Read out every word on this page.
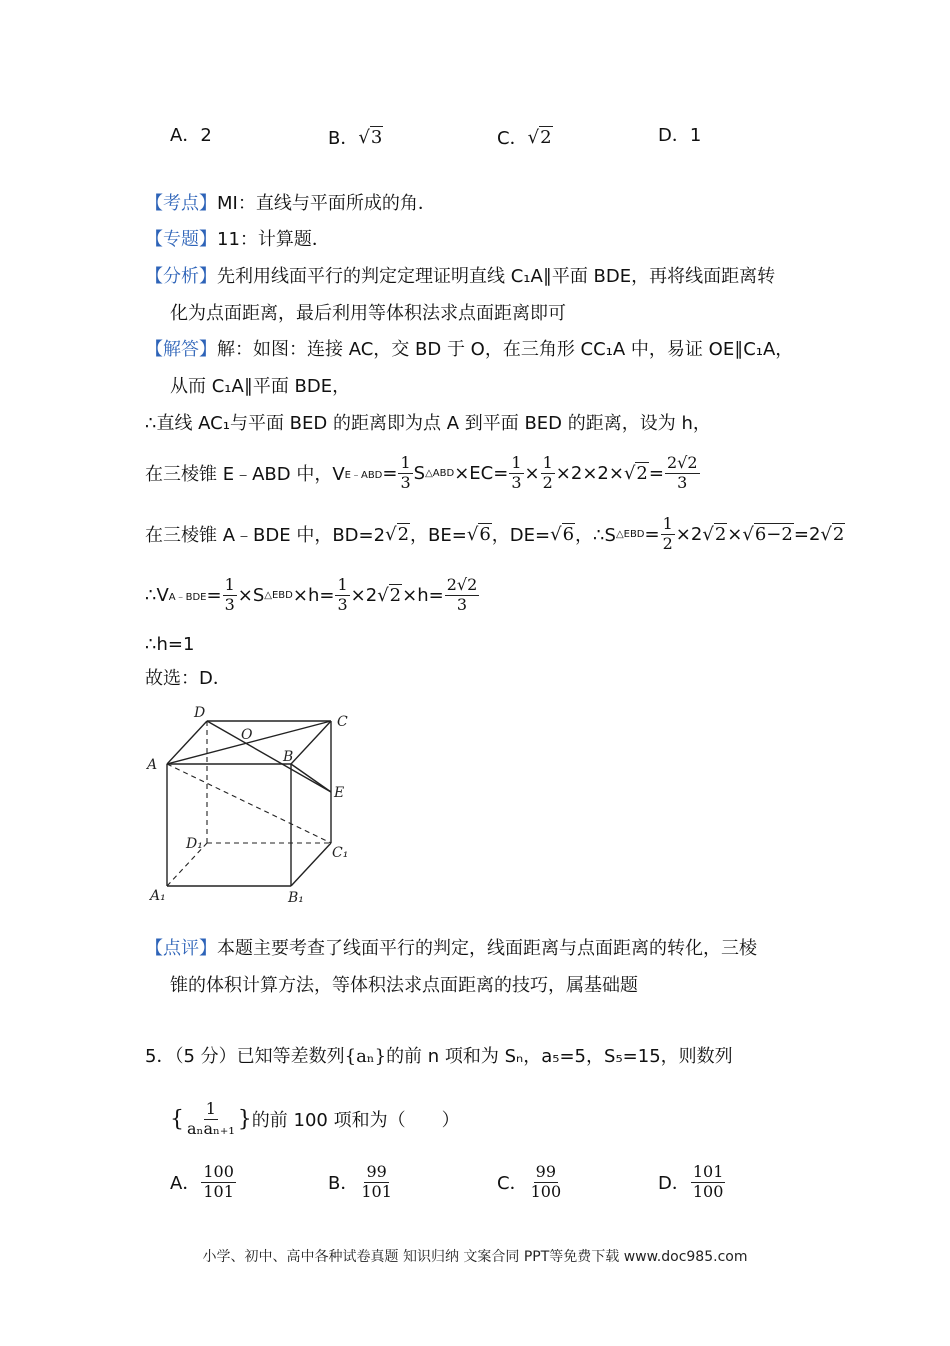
A．2	B． √3	C． √2	D．1
【考点】MI：直线与平面所成的角．
【专题】11：计算题．
【分析】先利用线面平行的判定定理证明直线 C₁A∥平面 BDE，再将线面距离转
化为点面距离，最后利用等体积法求点面距离即可
【解答】解：如图：连接 AC，交 BD 于 O，在三角形 CC₁A 中，易证 OE∥C₁A，
从而 C₁A∥平面 BDE，
∴直线 AC₁与平面 BED 的距离即为点 A 到平面 BED 的距离，设为 h，
在三棱锥 E﹣ABD 中，V E﹣ABD = $\frac{1}{3}$ S △ABD $\times EC= \frac{1}{3} \times \frac{1}{2} \times 2\times 2\times √2 = \frac{2√2}{3}$
在三棱锥 A﹣BDE 中，BD=2 √2 ，BE= √6 ，DE= √6 ，∴S △EBD = $\frac{1}{2} \times 2$ √2 × √6−2 =2 √2
∴V A﹣BDE = $\frac{1}{3} \times S$ △EBD $\times h= \frac{1}{3} \times 2$ $√2 \times h= \frac{2√2}{3}$
∴h=1
故选：D．
D
C
O
B
A
E
D₁
C₁
A₁	B₁
【点评】本题主要考查了线面平行的判定，线面距离与点面距离的转化，三棱
锥的体积计算方法，等体积法求点面距离的技巧，属基础题
5．（5 分）已知等差数列{aₙ}的前 n 项和为 Sₙ，a₅=5，S₅=15，则数列
{ $\frac{1}{\text{aₙaₙ₊₁}}$ } 的前 100 项和为（　　）
A． $\frac{100}{101}$	B． $\frac{99}{101}$	C． $\frac{99}{100}$	D． $\frac{101}{100}$
小学、初中、高中各种试卷真题 知识归纳 文案合同 PPT等免费下载 www.doc985.com
